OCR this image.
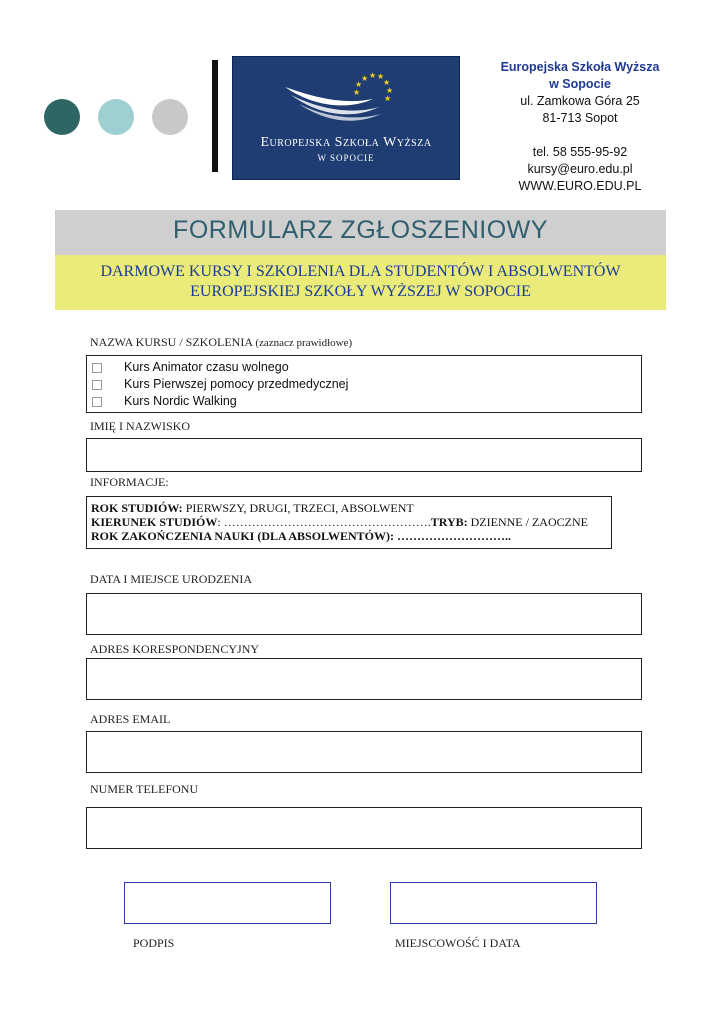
★ ★ ★
★
★
★
★
★
Europejska Szkoła Wyższa
W SOPOCIE
Europejska Szkoła Wyższa
w Sopocie
ul. Zamkowa Góra 25
81-713 Sopot
tel. 58 555-95-92
kursy@euro.edu.pl
WWW.EURO.EDU.PL
FORMULARZ ZGŁOSZENIOWY
DARMOWE KURSY I SZKOLENIA DLA STUDENTÓW I ABSOLWENTÓW
EUROPEJSKIEJ SZKOŁY WYŻSZEJ W SOPOCIE
NAZWA KURSU / SZKOLENIA (zaznacz prawidłowe)
Kurs Animator czasu wolnego
Kurs Pierwszej pomocy przedmedycznej
Kurs Nordic Walking
IMIĘ I NAZWISKO
INFORMACJE:
ROK STUDIÓW: PIERWSZY, DRUGI, TRZECI, ABSOLWENT
KIERUNEK STUDIÓW: …………………………………………….TRYB: DZIENNE / ZAOCZNE
ROK ZAKOŃCZENIA NAUKI (DLA ABSOLWENTÓW): ………………………..
DATA I MIEJSCE URODZENIA
ADRES KORESPONDENCYJNY
ADRES EMAIL
NUMER TELEFONU
PODPIS	MIEJSCOWOŚĆ I DATA
